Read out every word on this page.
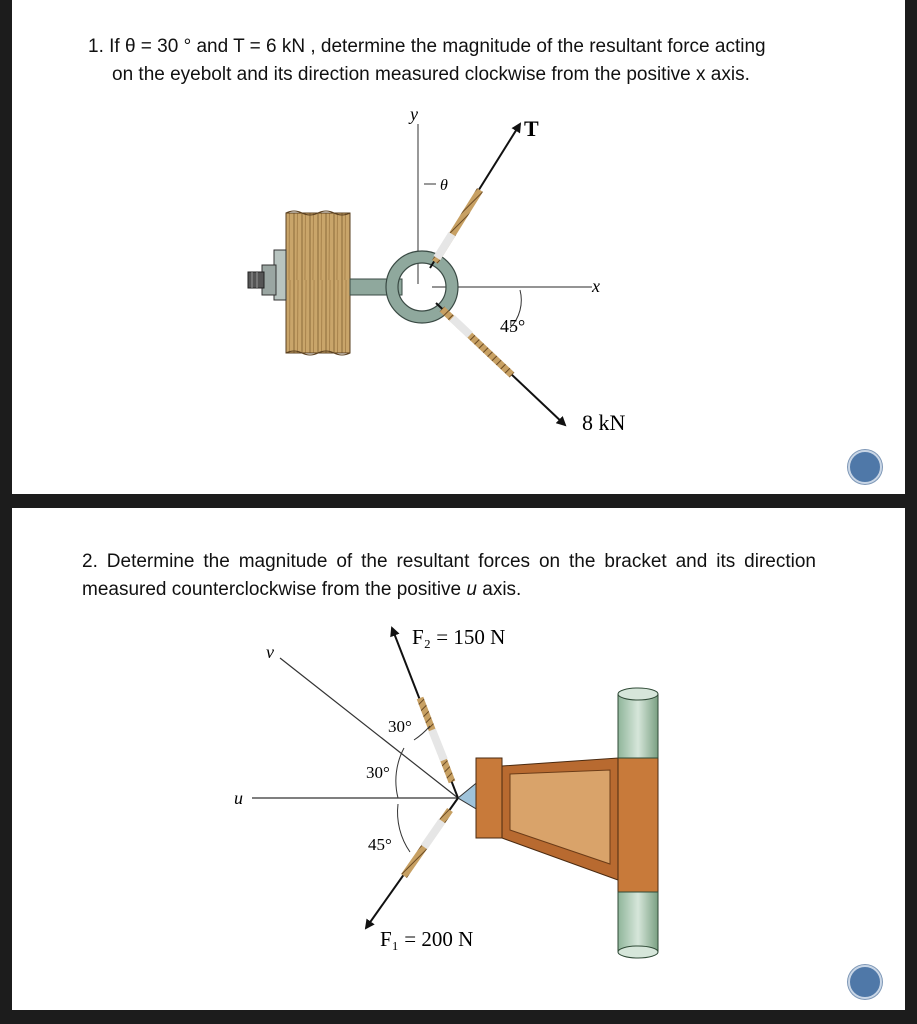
1. If θ = 30 ° and T = 6 kN , determine the magnitude of the resultant force acting
on the eyebolt and its direction measured clockwise from the positive x axis.
y
x
T
θ
45°
8 kN
2. Determine the magnitude of the resultant forces on the bracket and its direction measured counterclockwise from the positive u axis.
u
v
F₂ = 150 N
F₁ = 200 N
30°
30°
45°
